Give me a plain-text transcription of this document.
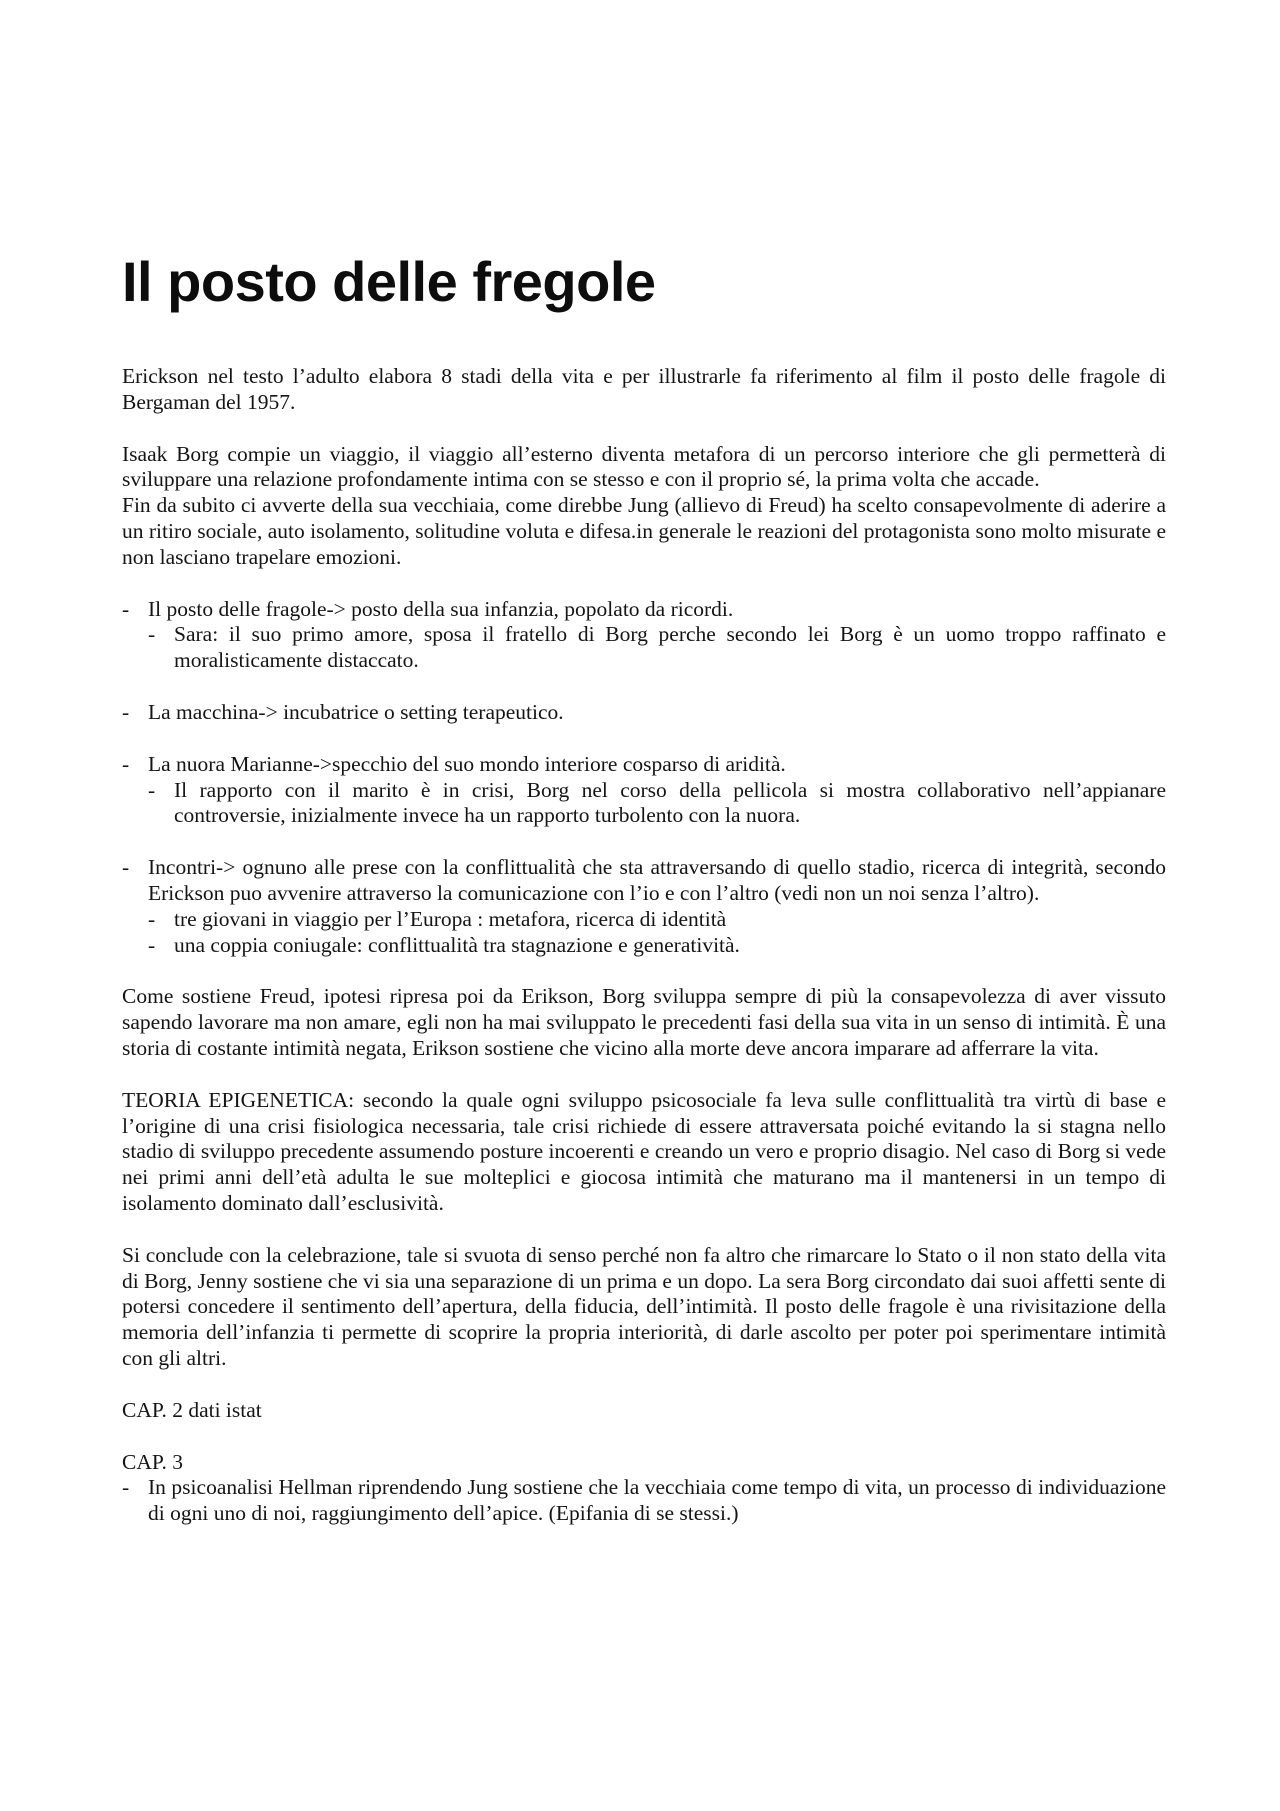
Il posto delle fregole

Erickson nel testo l’adulto elabora 8 stadi della vita e per illustrarle fa riferimento al film il posto delle fragole di Bergaman del 1957.

Isaak Borg compie un viaggio, il viaggio all’esterno diventa metafora di un percorso interiore che gli permetterà di sviluppare una relazione profondamente intima con se stesso e con il proprio sé, la prima volta che accade.

Fin da subito ci avverte della sua vecchiaia, come direbbe Jung (allievo di Freud) ha scelto consapevolmente di aderire a un ritiro sociale, auto isolamento, solitudine voluta e difesa.in generale le reazioni del protagonista sono molto misurate e non lasciano trapelare emozioni.

- Il posto delle fragole-> posto della sua infanzia, popolato da ricordi.
- Sara: il suo primo amore, sposa il fratello di Borg perche secondo lei Borg è un uomo troppo raffinato e moralisticamente distaccato.
- La macchina-> incubatrice o setting terapeutico.
- La nuora Marianne->specchio del suo mondo interiore cosparso di aridità.
- Il rapporto con il marito è in crisi, Borg nel corso della pellicola si mostra collaborativo nell’appianare controversie, inizialmente invece ha un rapporto turbolento con la nuora.
- Incontri-> ognuno alle prese con la conflittualità che sta attraversando di quello stadio, ricerca di integrità, secondo Erickson puo avvenire attraverso la comunicazione con l’io e con l’altro (vedi non un noi senza l’altro).
- tre giovani in viaggio per l’Europa : metafora, ricerca di identità
- una coppia coniugale: conflittualità tra stagnazione e generatività.

Come sostiene Freud, ipotesi ripresa poi da Erikson, Borg sviluppa sempre di più la consapevolezza di aver vissuto sapendo lavorare ma non amare, egli non ha mai sviluppato le precedenti fasi della sua vita in un senso di intimità. È una storia di costante intimità negata, Erikson sostiene che vicino alla morte deve ancora imparare ad afferrare la vita.

TEORIA EPIGENETICA: secondo la quale ogni sviluppo psicosociale fa leva sulle conflittualità tra virtù di base e l’origine di una crisi fisiologica necessaria, tale crisi richiede di essere attraversata poiché evitando la si stagna nello stadio di sviluppo precedente assumendo posture incoerenti e creando un vero e proprio disagio. Nel caso di Borg si vede nei primi anni dell’età adulta le sue molteplici e giocosa intimità che maturano ma il mantenersi in un tempo di isolamento dominato dall’esclusività.

Si conclude con la celebrazione, tale si svuota di senso perché non fa altro che rimarcare lo Stato o il non stato della vita di Borg, Jenny sostiene che vi sia una separazione di un prima e un dopo. La sera Borg circondato dai suoi affetti sente di potersi concedere il sentimento dell’apertura, della fiducia, dell’intimità. Il posto delle fragole è una rivisitazione della memoria dell’infanzia ti permette di scoprire la propria interiorità, di darle ascolto per poter poi sperimentare intimità con gli altri.

CAP. 2 dati istat

CAP. 3

- In psicoanalisi Hellman riprendendo Jung sostiene che la vecchiaia come tempo di vita, un processo di individuazione di ogni uno di noi, raggiungimento dell’apice. (Epifania di se stessi.)
